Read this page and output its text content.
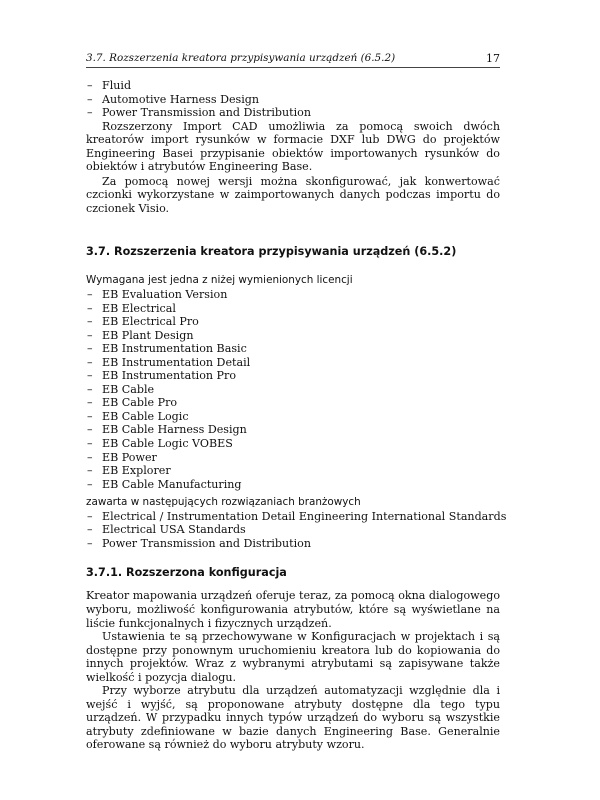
3.7. Rozszerzenia kreatora przypisywania urządzeń (6.5.2)	17
– Fluid
– Automotive Harness Design
– Power Transmission and Distribution

Rozszerzony Import CAD umożliwia za pomocą swoich dwóch kreatorów import rysunków w formacie DXF lub DWG do projektów Engineering Basei przypisanie obiektów importowanych rysunków do obiektów i atrybutów Engineering Base.

Za pomocą nowej wersji można skonfigurować, jak konwertować czcionki wykorzystane w zaimportowanych danych podczas importu do czcionek Visio.

3.7. Rozszerzenia kreatora przypisywania urządzeń (6.5.2)
Wymagana jest jedna z niżej wymienionych licencji
– EB Evaluation Version
– EB Electrical
– EB Electrical Pro
– EB Plant Design
– EB Instrumentation Basic
– EB Instrumentation Detail
– EB Instrumentation Pro
– EB Cable
– EB Cable Pro
– EB Cable Logic
– EB Cable Harness Design
– EB Cable Logic VOBES
– EB Power
– EB Explorer
– EB Cable Manufacturing
zawarta w następujących rozwiązaniach branżowych
– Electrical / Instrumentation Detail Engineering International Standards
– Electrical USA Standards
– Power Transmission and Distribution
3.7.1. Rozszerzona konfiguracja

Kreator mapowania urządzeń oferuje teraz, za pomocą okna dialogowego wyboru, możliwość konfigurowania atrybutów, które są wyświetlane na liście funkcjonalnych i fizycznych urządzeń.

Ustawienia te są przechowywane w Konfiguracjach w projektach i są dostępne przy ponownym uruchomieniu kreatora lub do kopiowania do innych projektów. Wraz z wybranymi atrybutami są zapisywane także wielkość i pozycja dialogu.

Przy wyborze atrybutu dla urządzeń automatyzacji względnie dla i wejść i wyjść, są proponowane atrybuty dostępne dla tego typu urządzeń. W przypadku innych typów urządzeń do wyboru są wszystkie atrybuty zdefiniowane w bazie danych Engineering Base. Generalnie oferowane są również do wyboru atrybuty wzoru.
